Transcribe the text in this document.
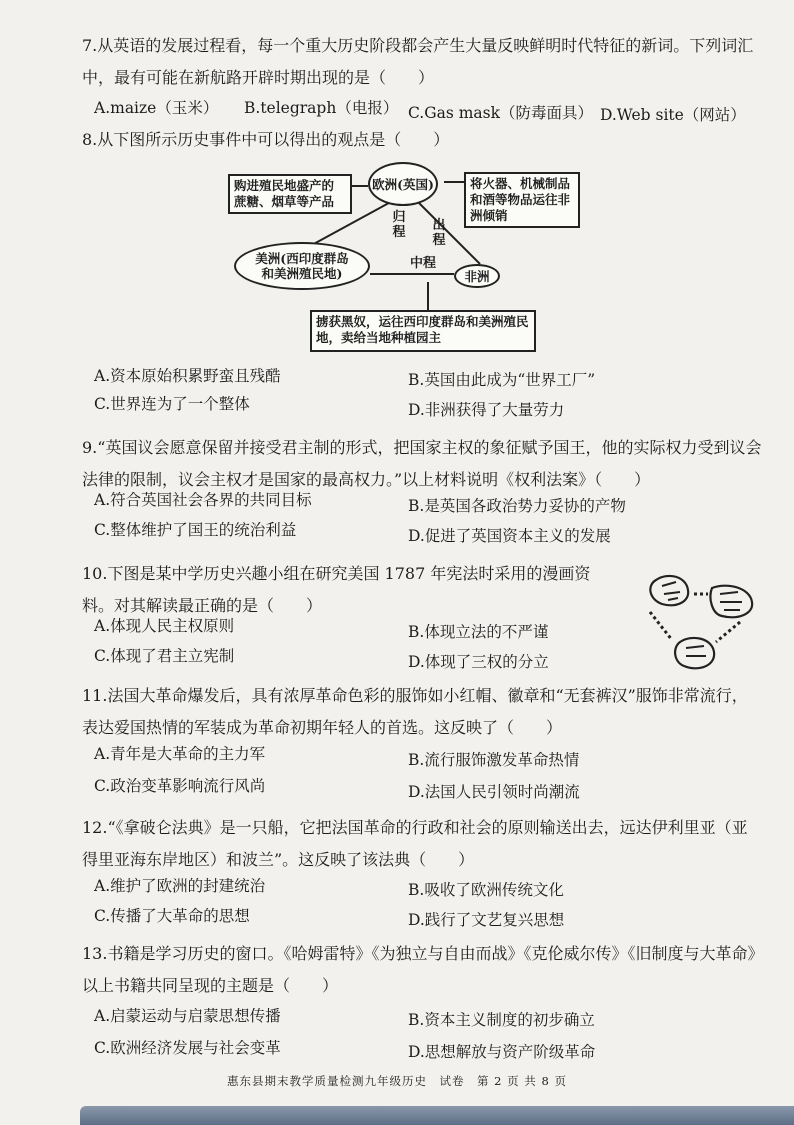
7.从英语的发展过程看，每一个重大历史阶段都会产生大量反映鲜明时代特征的新词。下列词汇中，最有可能在新航路开辟时期出现的是（　　）
A.maize（玉米） B.telegraph（电报） C.Gas mask（防毒面具） D.Web site（网站）
8.从下图所示历史事件中可以得出的观点是（　　）
购进殖民地盛产的蔗糖、烟草等产品
欧洲(英国)	将火器、机械制品和酒等物品运往非洲倾销
归程 出程
美洲(西印度群岛和美洲殖民地)
中程
非洲
掳获黑奴，运往西印度群岛和美洲殖民地，卖给当地种植园主
A.资本原始积累野蛮且残酷	B.英国由此成为“世界工厂”
C.世界连为了一个整体	D.非洲获得了大量劳力
9.“英国议会愿意保留并接受君主制的形式，把国家主权的象征赋予国王，他的实际权力受到议会法律的限制，议会主权才是国家的最高权力。”以上材料说明《权利法案》（　　）
A.符合英国社会各界的共同目标	B.是英国各政治势力妥协的产物
C.整体维护了国王的统治利益	D.促进了英国资本主义的发展
10.下图是某中学历史兴趣小组在研究美国 1787 年宪法时采用的漫画资料。对其解读最正确的是（　　）
A.体现人民主权原则	B.体现立法的不严谨
C.体现了君主立宪制	D.体现了三权的分立
11.法国大革命爆发后，具有浓厚革命色彩的服饰如小红帽、徽章和“无套裤汉”服饰非常流行，表达爱国热情的军装成为革命初期年轻人的首选。这反映了（　　）
A.青年是大革命的主力军	B.流行服饰激发革命热情
C.政治变革影响流行风尚	D.法国人民引领时尚潮流
12.“《拿破仑法典》是一只船，它把法国革命的行政和社会的原则输送出去，远达伊利里亚（亚得里亚海东岸地区）和波兰”。这反映了该法典（　　）
A.维护了欧洲的封建统治	B.吸收了欧洲传统文化
C.传播了大革命的思想	D.践行了文艺复兴思想
13.书籍是学习历史的窗口。《哈姆雷特》《为独立与自由而战》《克伦威尔传》《旧制度与大革命》以上书籍共同呈现的主题是（　　）
A.启蒙运动与启蒙思想传播	B.资本主义制度的初步确立
C.欧洲经济发展与社会变革	D.思想解放与资产阶级革命
惠东县期末教学质量检测九年级历史　试卷　第 2 页 共 8 页
